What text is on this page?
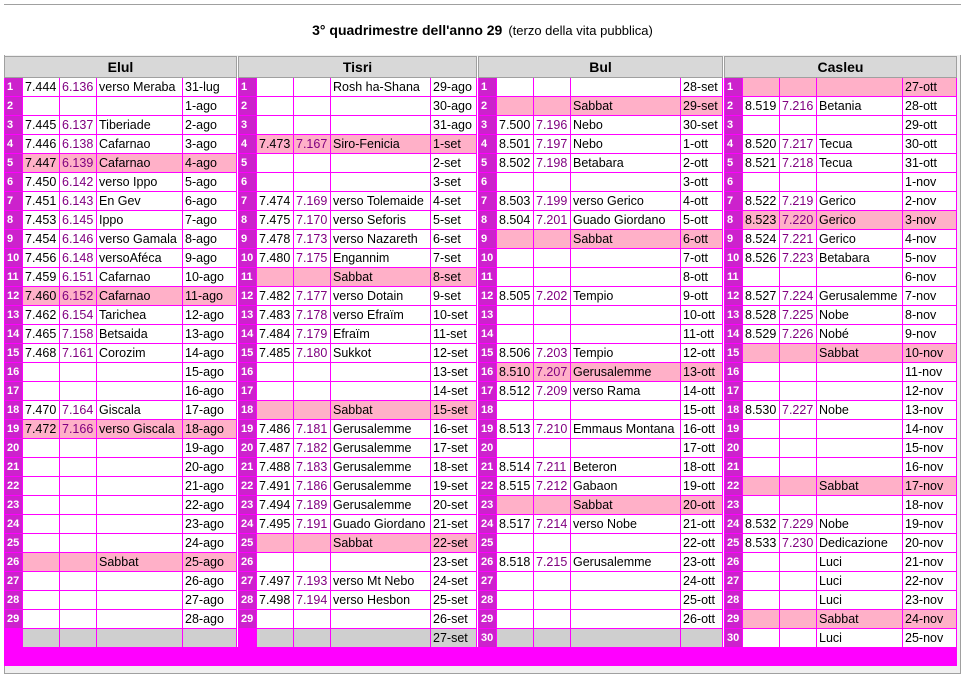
3° quadrimestre dell'anno 29 (terzo della vita pubblica)
Elul						Tisri						Bul						Casleu				
1	7.444	6.136	verso Meraba	31-lug		1			Rosh ha-Shana	29-ago		1				28-set		1				27-ott
2				1-ago		2				30-ago		2			Sabbat	29-set		2	8.519	7.216	Betania	28-ott
3	7.445	6.137	Tiberiade	2-ago		3				31-ago		3	7.500	7.196	Nebo	30-set		3				29-ott
4	7.446	6.138	Cafarnao	3-ago		4	7.473	7.167	Siro-Fenicia	1-set		4	8.501	7.197	Nebo	1-ott		4	8.520	7.217	Tecua	30-ott
5	7.447	6.139	Cafarnao	4-ago		5				2-set		5	8.502	7.198	Betabara	2-ott		5	8.521	7.218	Tecua	31-ott
6	7.450	6.142	verso Ippo	5-ago		6				3-set		6				3-ott		6				1-nov
7	7.451	6.143	En Gev	6-ago		7	7.474	7.169	verso Tolemaide	4-set		7	8.503	7.199	verso Gerico	4-ott		7	8.522	7.219	Gerico	2-nov
8	7.453	6.145	Ippo	7-ago		8	7.475	7.170	verso Seforis	5-set		8	8.504	7.201	Guado Giordano	5-ott		8	8.523	7.220	Gerico	3-nov
9	7.454	6.146	verso Gamala	8-ago		9	7.478	7.173	verso Nazareth	6-set		9			Sabbat	6-ott		9	8.524	7.221	Gerico	4-nov
10	7.456	6.148	versoAféca	9-ago		10	7.480	7.175	Engannim	7-set		10				7-ott		10	8.526	7.223	Betabara	5-nov
11	7.459	6.151	Cafarnao	10-ago		11			Sabbat	8-set		11				8-ott		11				6-nov
12	7.460	6.152	Cafarnao	11-ago		12	7.482	7.177	verso Dotain	9-set		12	8.505	7.202	Tempio	9-ott		12	8.527	7.224	Gerusalemme	7-nov
13	7.462	6.154	Tarichea	12-ago		13	7.483	7.178	verso Efraïm	10-set		13				10-ott		13	8.528	7.225	Nobe	8-nov
14	7.465	7.158	Betsaida	13-ago		14	7.484	7.179	Efraïm	11-set		14				11-ott		14	8.529	7.226	Nobé	9-nov
15	7.468	7.161	Corozim	14-ago		15	7.485	7.180	Sukkot	12-set		15	8.506	7.203	Tempio	12-ott		15			Sabbat	10-nov
16				15-ago		16				13-set		16	8.510	7.207	Gerusalemme	13-ott		16				11-nov
17				16-ago		17				14-set		17	8.512	7.209	verso Rama	14-ott		17				12-nov
18	7.470	7.164	Giscala	17-ago		18			Sabbat	15-set		18				15-ott		18	8.530	7.227	Nobe	13-nov
19	7.472	7.166	verso Giscala	18-ago		19	7.486	7.181	Gerusalemme	16-set		19	8.513	7.210	Emmaus Montana	16-ott		19				14-nov
20				19-ago		20	7.487	7.182	Gerusalemme	17-set		20				17-ott		20				15-nov
21				20-ago		21	7.488	7.183	Gerusalemme	18-set		21	8.514	7.211	Beteron	18-ott		21				16-nov
22				21-ago		22	7.491	7.186	Gerusalemme	19-set		22	8.515	7.212	Gabaon	19-ott		22			Sabbat	17-nov
23				22-ago		23	7.494	7.189	Gerusalemme	20-set		23			Sabbat	20-ott		23				18-nov
24				23-ago		24	7.495	7.191	Guado Giordano	21-set		24	8.517	7.214	verso Nobe	21-ott		24	8.532	7.229	Nobe	19-nov
25				24-ago		25			Sabbat	22-set		25				22-ott		25	8.533	7.230	Dedicazione	20-nov
26			Sabbat	25-ago		26				23-set		26	8.518	7.215	Gerusalemme	23-ott		26			Luci	21-nov
27				26-ago		27	7.497	7.193	verso Mt Nebo	24-set		27				24-ott		27			Luci	22-nov
28				27-ago		28	7.498	7.194	verso Hesbon	25-set		28				25-ott		28			Luci	23-nov
29				28-ago		29				26-set		29				26-ott		29			Sabbat	24-nov
										27-set		30						30			Luci	25-nov
